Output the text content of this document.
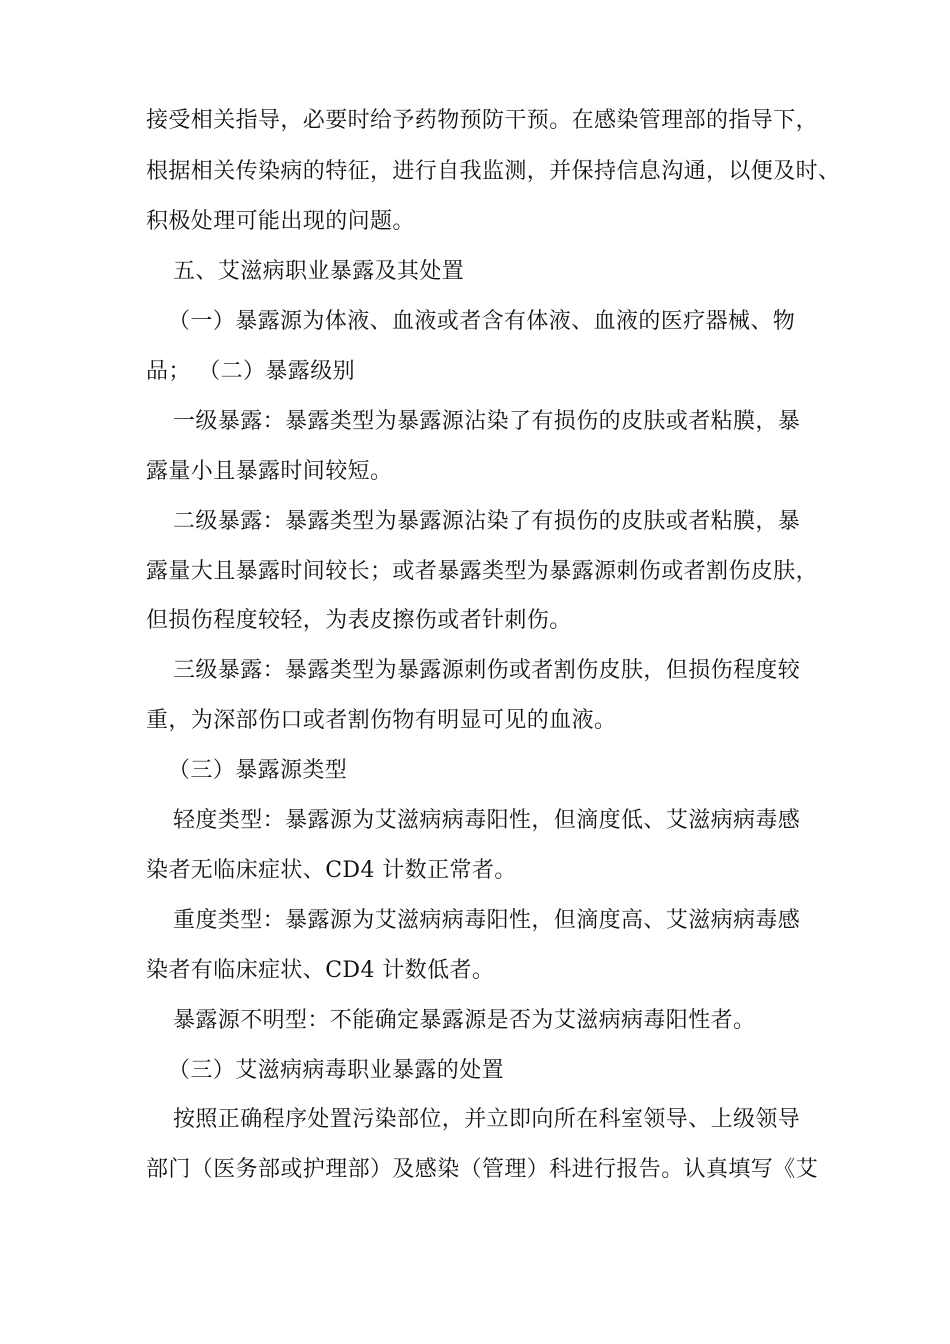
接受相关指导，必要时给予药物预防干预。在感染管理部的指导下，
根据相关传染病的特征，进行自我监测，并保持信息沟通，以便及时、
积极处理可能出现的问题。
五、艾滋病职业暴露及其处置
（一）暴露源为体液、血液或者含有体液、血液的医疗器械、物
品； （二）暴露级别
一级暴露：暴露类型为暴露源沾染了有损伤的皮肤或者粘膜，暴
露量小且暴露时间较短。
二级暴露：暴露类型为暴露源沾染了有损伤的皮肤或者粘膜，暴
露量大且暴露时间较长；或者暴露类型为暴露源刺伤或者割伤皮肤，
但损伤程度较轻，为表皮擦伤或者针刺伤。
三级暴露：暴露类型为暴露源刺伤或者割伤皮肤，但损伤程度较
重，为深部伤口或者割伤物有明显可见的血液。
（三）暴露源类型
轻度类型：暴露源为艾滋病病毒阳性，但滴度低、艾滋病病毒感
染者无临床症状、CD4 计数正常者。
重度类型：暴露源为艾滋病病毒阳性，但滴度高、艾滋病病毒感
染者有临床症状、CD4 计数低者。
暴露源不明型：不能确定暴露源是否为艾滋病病毒阳性者。
（三）艾滋病病毒职业暴露的处置
按照正确程序处置污染部位，并立即向所在科室领导、上级领导
部门（医务部或护理部）及感染（管理）科进行报告。认真填写《艾
